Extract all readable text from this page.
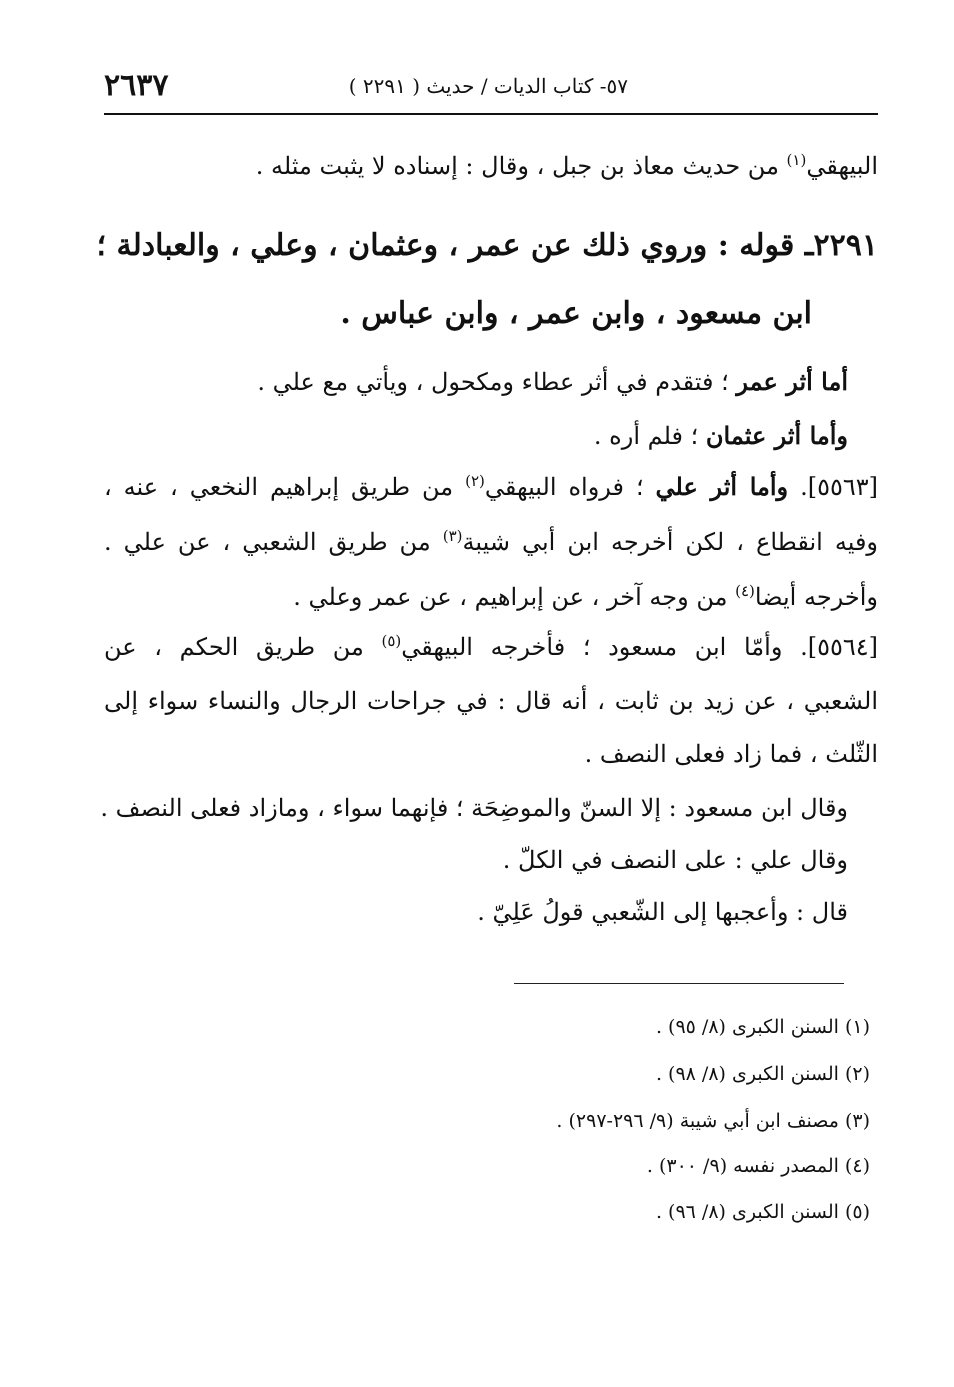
٢٦٣٧	٥٧- كتاب الديات / حديث ( ٢٢٩١ )
البيهقي$^{(١)}$ من حديث معاذ بن جبل ، وقال : إسناده لا يثبت مثله .
٢٢٩١ـ قوله : وروي ذلك عن عمر ، وعثمان ، وعلي ، والعبادلة ؛
ابن مسعود ، وابن عمر ، وابن عباس .
أما أثر عمر ؛ فتقدم في أثر عطاء ومكحول ، ويأتي مع علي .
وأما أثر عثمان ؛ فلم أره .
[٥٥٦٣]. وأما أثر علي ؛ فرواه البيهقي$^{(٢)}$ من طريق إبراهيم النخعي ، عنه ،
وفيه انقطاع ، لكن أخرجه ابن أبي شيبة$^{(٣)}$ من طريق الشعبي ، عن علي .
وأخرجه أيضا$^{(٤)}$ من وجه آخر ، عن إبراهيم ، عن عمر وعلي .
[٥٥٦٤]. وأمّا ابن مسعود ؛ فأخرجه البيهقي$^{(٥)}$ من طريق الحكم ، عن
الشعبي ، عن زيد بن ثابت ، أنه قال : في جراحات الرجال والنساء سواء إلى
الثّلث ، فما زاد فعلى النصف .
وقال ابن مسعود : إلا السنّ والموضِحَة ؛ فإنهما سواء ، ومازاد فعلى النصف .
وقال علي : على النصف في الكلّ .
قال : وأعجبها إلى الشّعبي قولُ عَلِيّ .
(١) السنن الكبرى (٨/ ٩٥) .
(٢) السنن الكبرى (٨/ ٩٨) .
(٣) مصنف ابن أبي شيبة (٩/ ٢٩٦-٢٩٧) .
(٤) المصدر نفسه (٩/ ٣٠٠) .
(٥) السنن الكبرى (٨/ ٩٦) .
